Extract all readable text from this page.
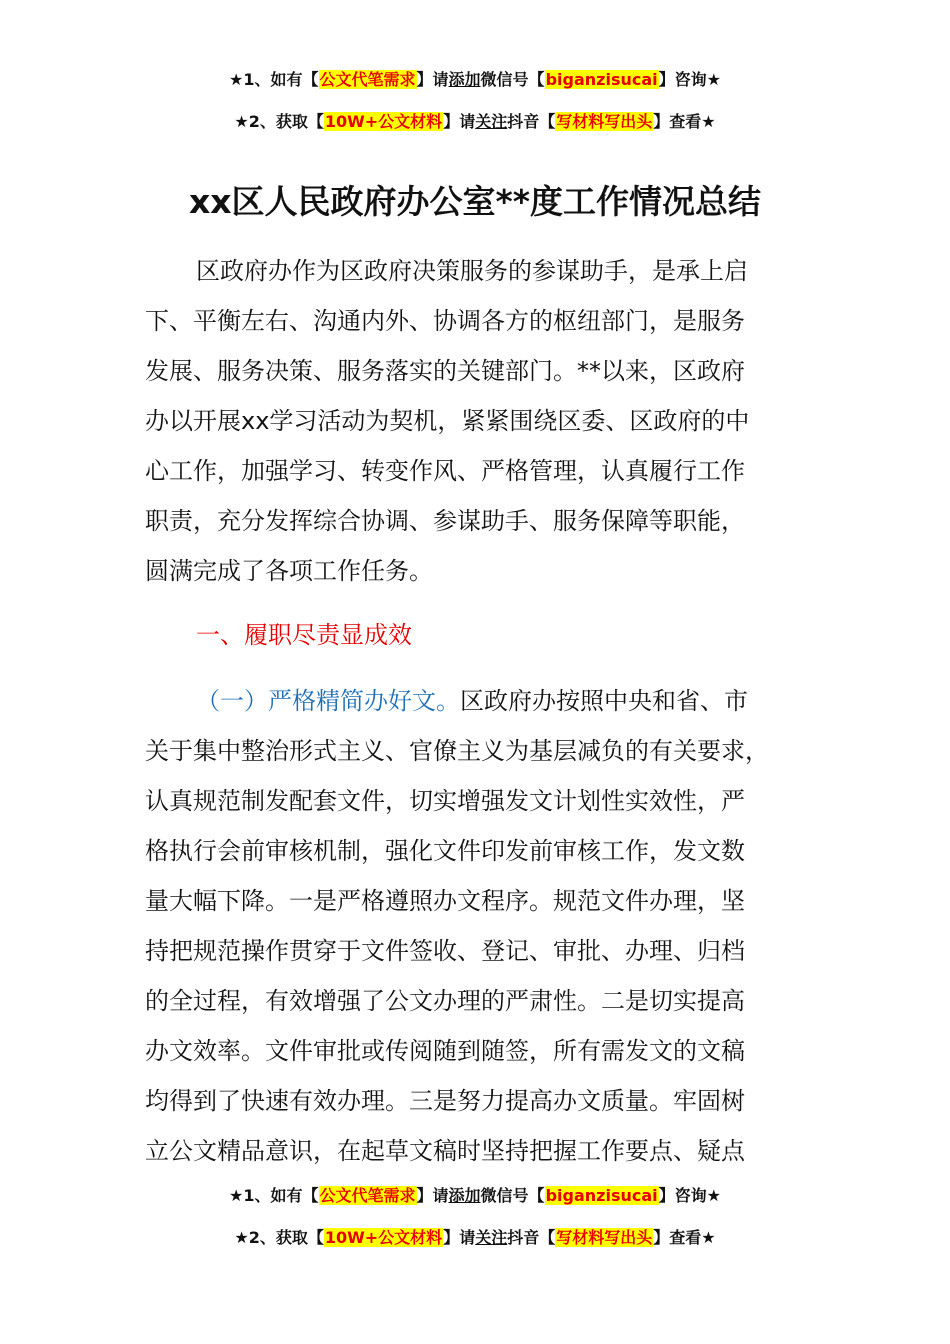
★1、如有【公文代笔需求】请添加微信号【biganzisucai】咨询★
★2、获取【10W+公文材料】请关注抖音【写材料写出头】查看★
xx区人民政府办公室**度工作情况总结
区政府办作为区政府决策服务的参谋助手，是承上启
下、平衡左右、沟通内外、协调各方的枢纽部门，是服务
发展、服务决策、服务落实的关键部门。**以来，区政府
办以开展xx学习活动为契机，紧紧围绕区委、区政府的中
心工作，加强学习、转变作风、严格管理，认真履行工作
职责，充分发挥综合协调、参谋助手、服务保障等职能，
圆满完成了各项工作任务。
一、履职尽责显成效
（一）严格精简办好文。区政府办按照中央和省、市
关于集中整治形式主义、官僚主义为基层减负的有关要求，
认真规范制发配套文件，切实增强发文计划性实效性，严
格执行会前审核机制，强化文件印发前审核工作，发文数
量大幅下降。一是严格遵照办文程序。规范文件办理，坚
持把规范操作贯穿于文件签收、登记、审批、办理、归档
的全过程，有效增强了公文办理的严肃性。二是切实提高
办文效率。文件审批或传阅随到随签，所有需发文的文稿
均得到了快速有效办理。三是努力提高办文质量。牢固树
立公文精品意识，在起草文稿时坚持把握工作要点、疑点
★1、如有【公文代笔需求】请添加微信号【biganzisucai】咨询★
★2、获取【10W+公文材料】请关注抖音【写材料写出头】查看★
